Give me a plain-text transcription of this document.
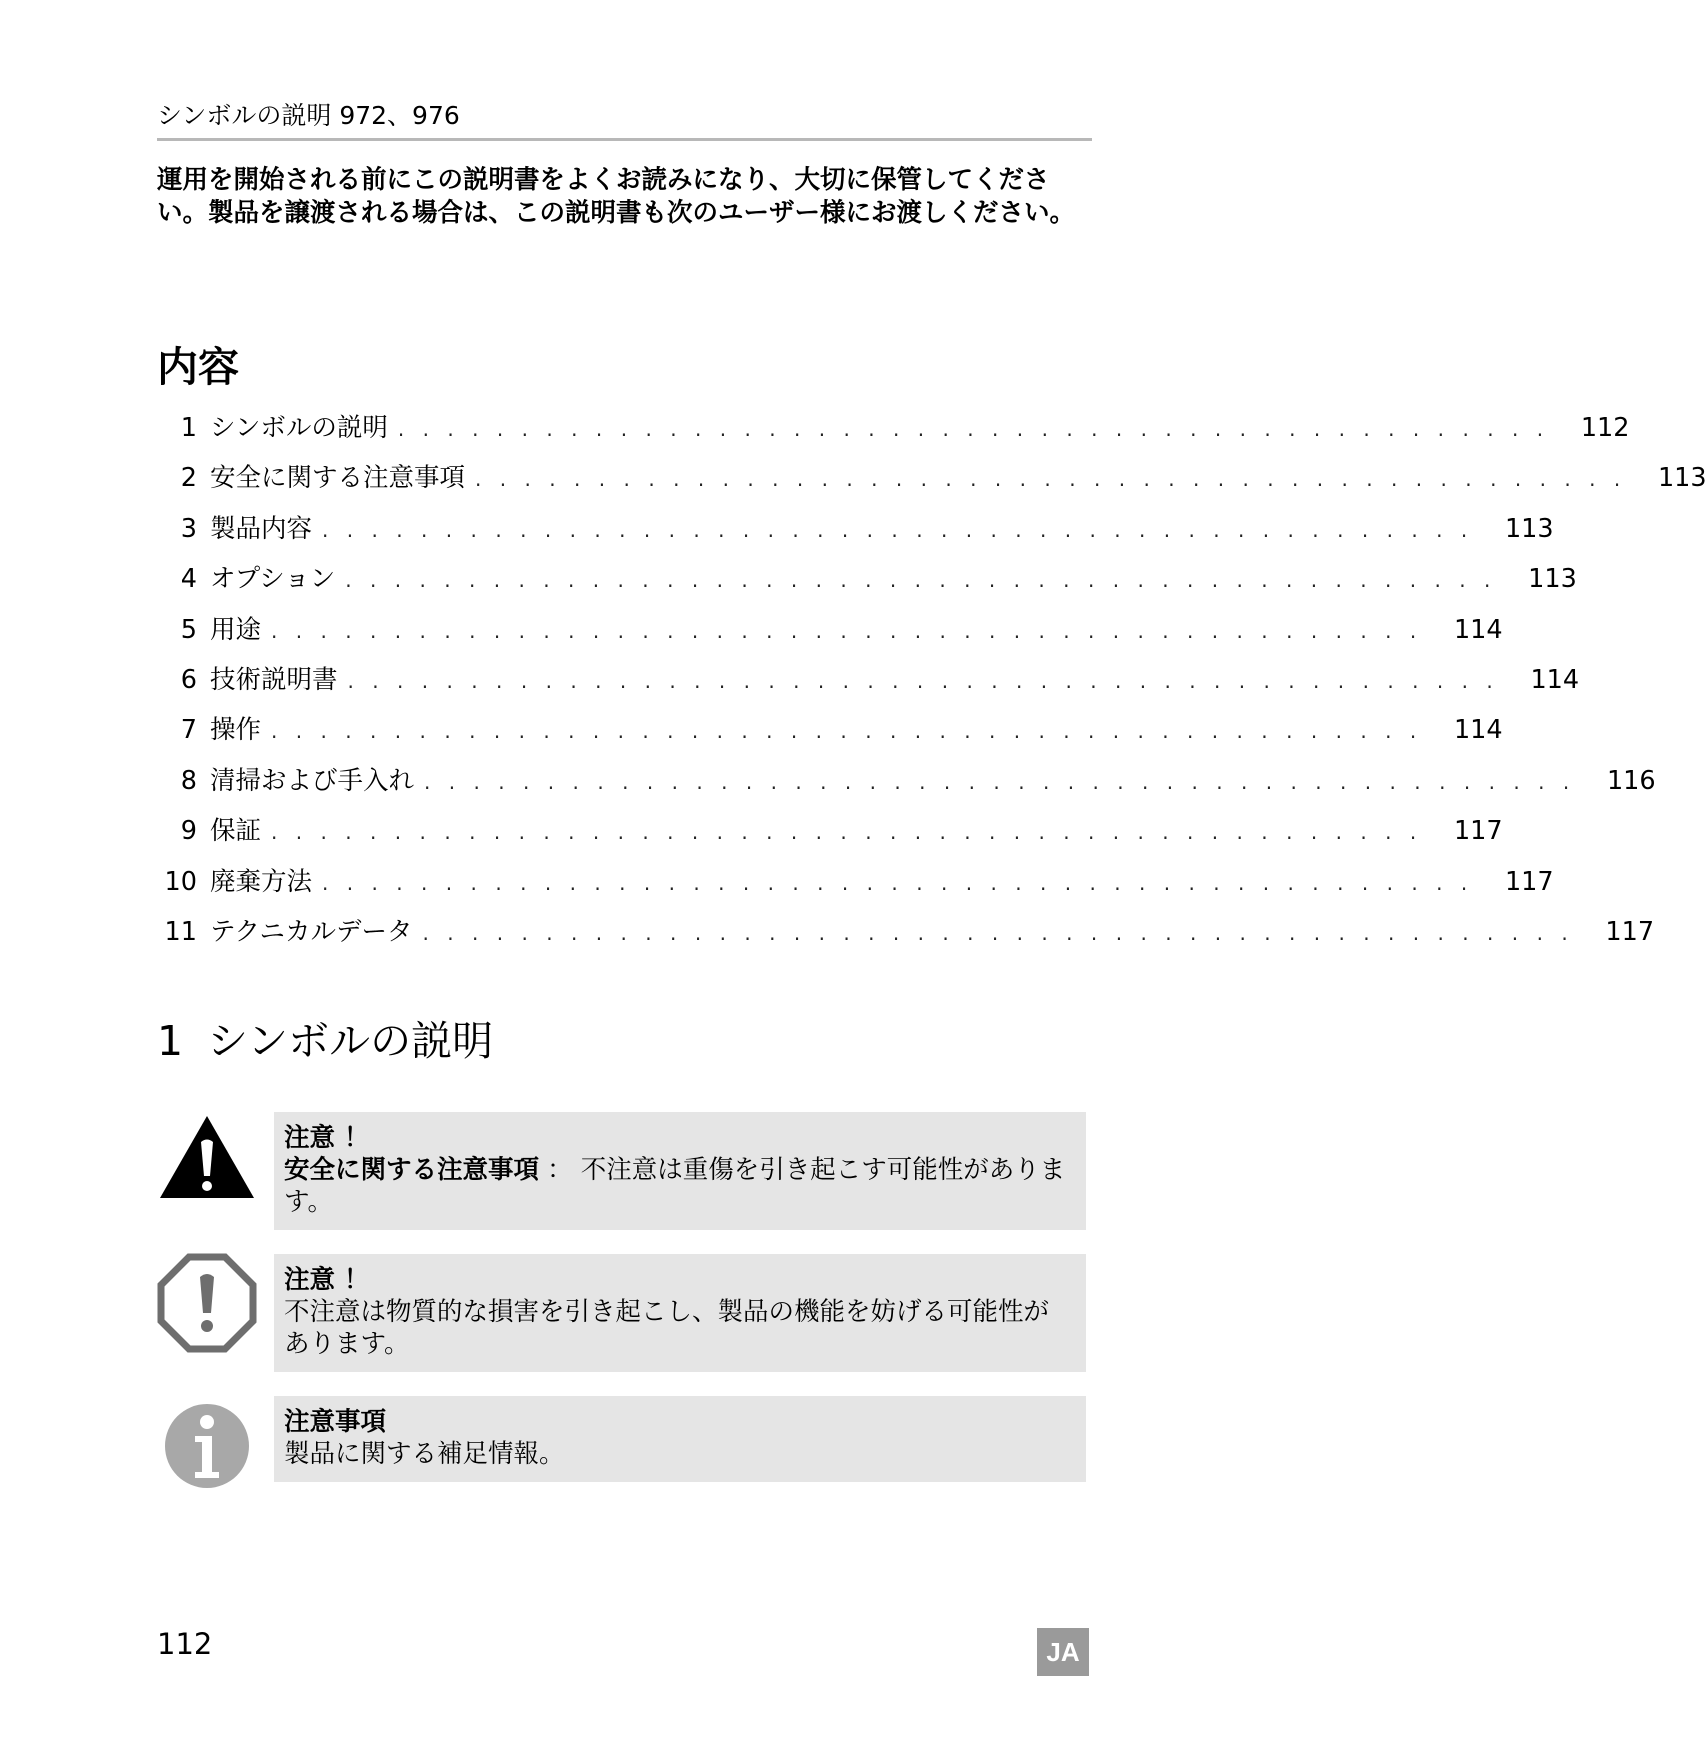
シンボルの説明 972、976
運用を開始される前にこの説明書をよくお読みになり、大切に保管してください。製品を譲渡される場合は、この説明書も次のユーザー様にお渡しください。
内容
1 シンボルの説明 ............................................... 112
2 安全に関する注意事項 ............................................... 113
3 製品内容 ............................................... 113
4 オプション ............................................... 113
5 用途 ............................................... 114
6 技術説明書 ............................................... 114
7 操作 ............................................... 114
8 清掃および手入れ ............................................... 116
9 保証 ............................................... 117
10 廃棄方法 ............................................... 117
11 テクニカルデータ ............................................... 117
1 シンボルの説明
注意 ！
安全に関する注意事項 ： 不注意は重傷を引き起こす可能性があります。
注意 ！
不注意は物質的な損害を引き起こし、製品の機能を妨げる可能性があります。
注意事項
製品に関する補足情報。
112	JA
